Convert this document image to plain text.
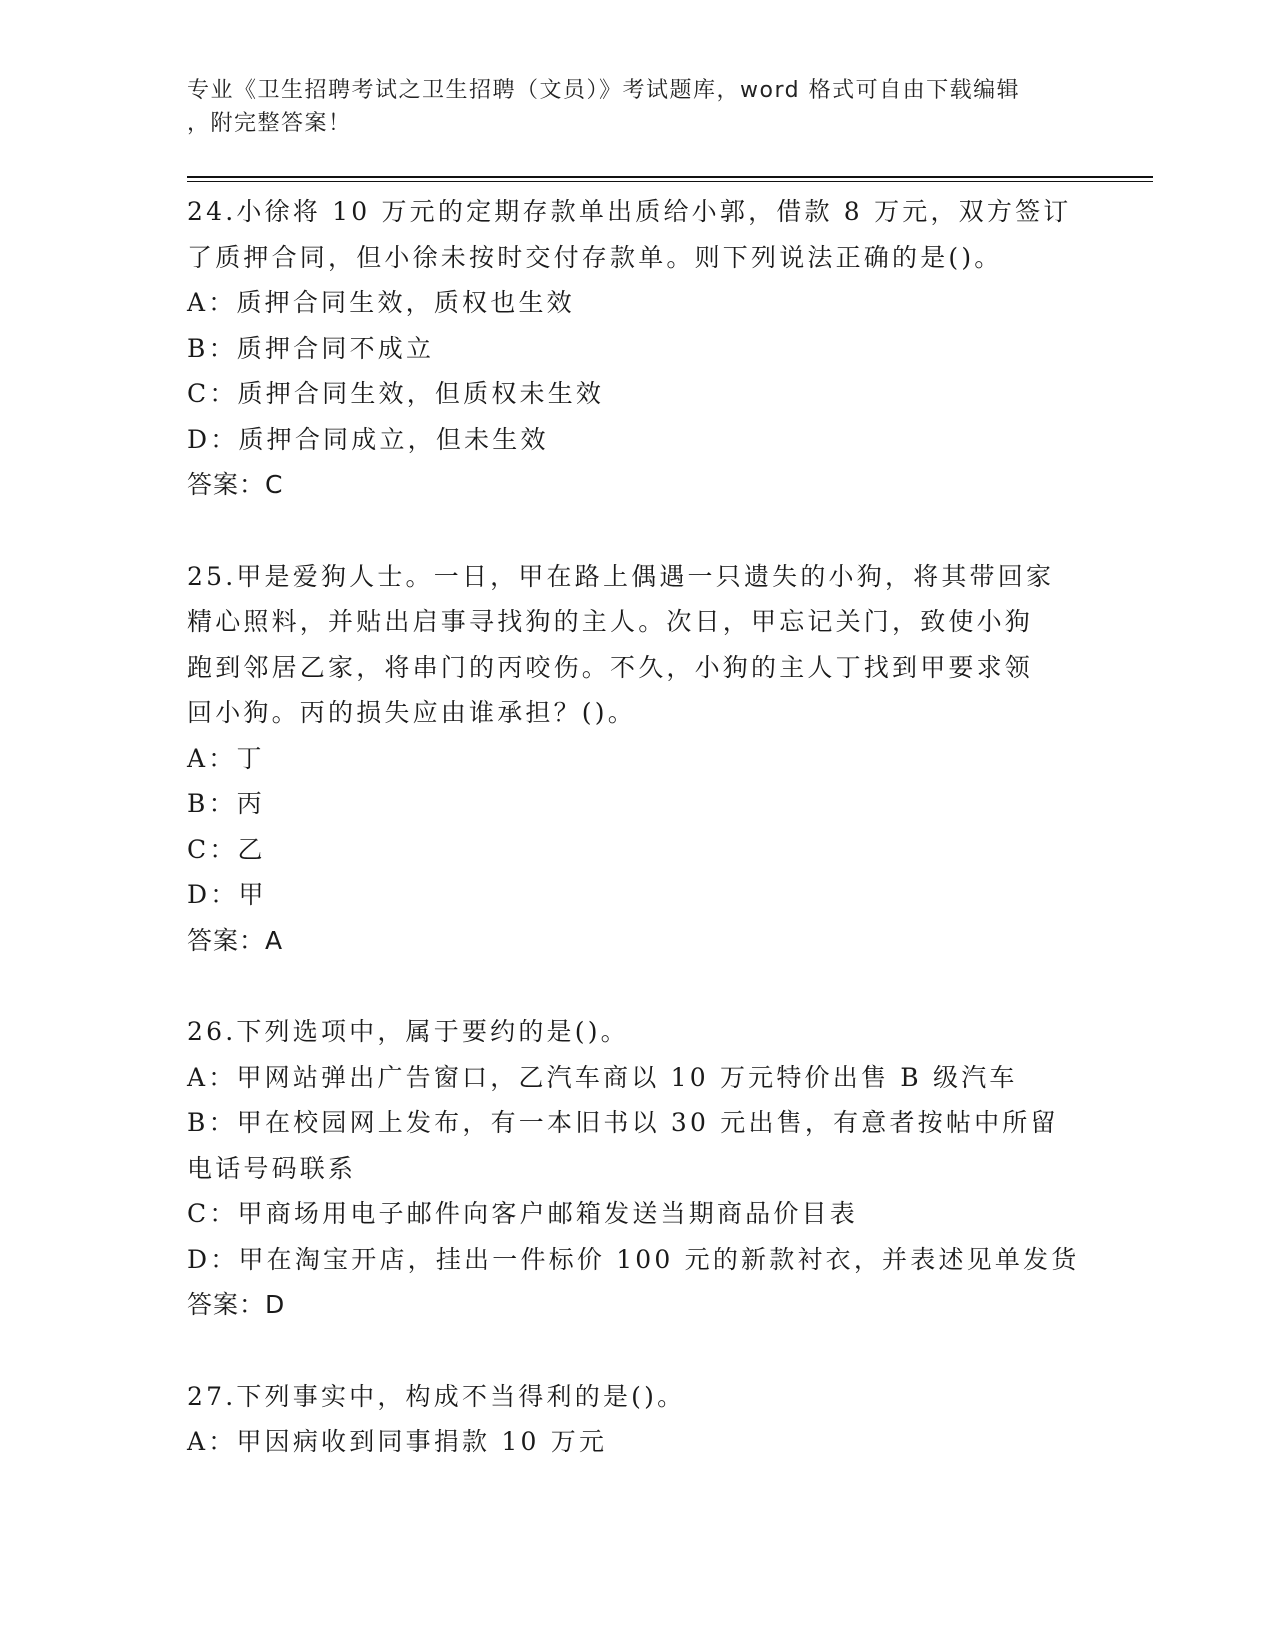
专业《卫生招聘考试之卫生招聘（文员）》考试题库，word 格式可自由下载编辑
，附完整答案！
24.小徐将 10 万元的定期存款单出质给小郭，借款 8 万元，双方签订
了质押合同，但小徐未按时交付存款单。则下列说法正确的是()。
A：质押合同生效，质权也生效
B：质押合同不成立
C：质押合同生效，但质权未生效
D：质押合同成立，但未生效
答案：C
25.甲是爱狗人士。一日，甲在路上偶遇一只遗失的小狗，将其带回家
精心照料，并贴出启事寻找狗的主人。次日，甲忘记关门，致使小狗
跑到邻居乙家，将串门的丙咬伤。不久，小狗的主人丁找到甲要求领
回小狗。丙的损失应由谁承担？()。
A：丁
B：丙
C：乙
D：甲
答案：A
26.下列选项中，属于要约的是()。
A：甲网站弹出广告窗口，乙汽车商以 10 万元特价出售 B 级汽车
B：甲在校园网上发布，有一本旧书以 30 元出售，有意者按帖中所留
电话号码联系
C：甲商场用电子邮件向客户邮箱发送当期商品价目表
D：甲在淘宝开店，挂出一件标价 100 元的新款衬衣，并表述见单发货
答案：D
27.下列事实中，构成不当得利的是()。
A：甲因病收到同事捐款 10 万元
